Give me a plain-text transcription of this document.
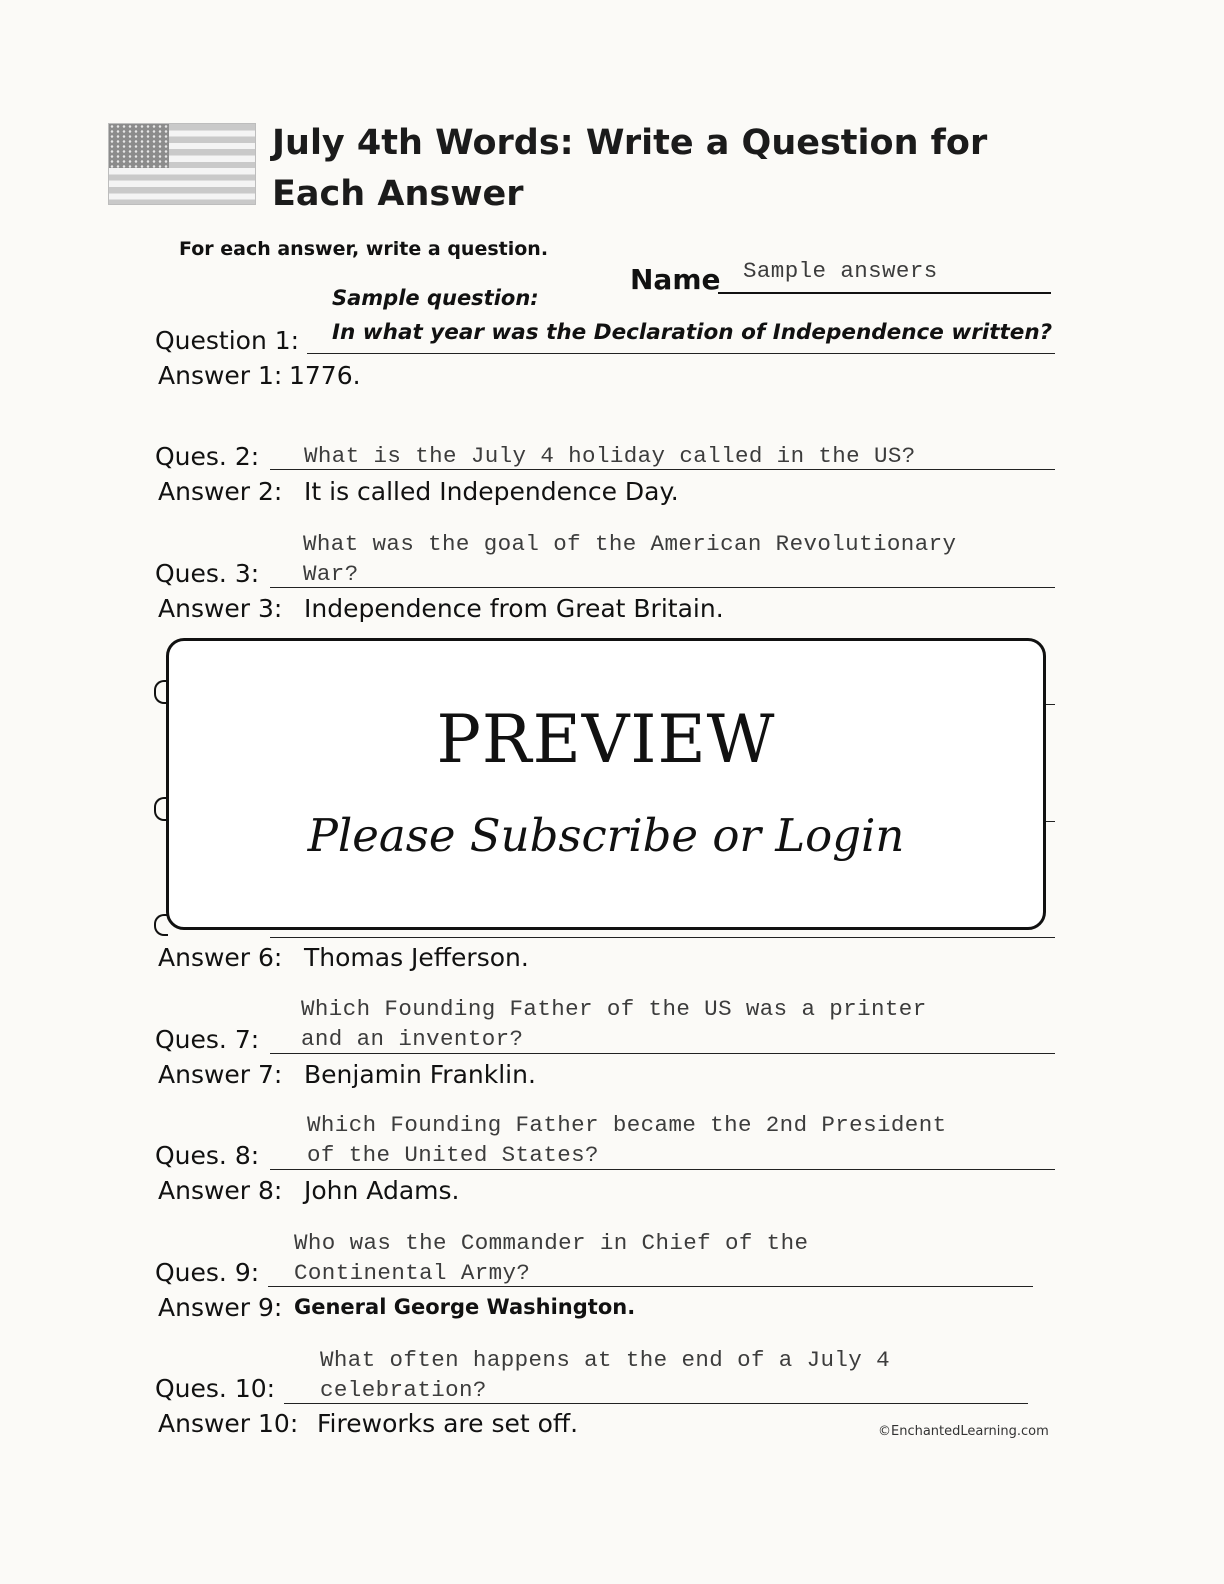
July 4th Words: Write a Question for Each Answer
For each answer, write a question.
Name Sample answers
Sample question:
Question 1: In what year was the Declaration of Independence written?
Answer 1: 1776.
Ques. 2: What is the July 4 holiday called in the US?
Answer 2: It is called Independence Day.
Ques. 3:
What was the goal of the American Revolutionary
War?
Answer 3: Independence from Great Britain.
Answer 6: Thomas Jefferson.
Ques. 7:
Which Founding Father of the US was a printer
and an inventor?
Answer 7: Benjamin Franklin.
Ques. 8:
Which Founding Father became the 2nd President
of the United States?
Answer 8: John Adams.
Ques. 9:
Who was the Commander in Chief of the
Continental Army?
Answer 9: General George Washington.
Ques. 10:
What often happens at the end of a July 4
celebration?
Answer 10: Fireworks are set off.
PREVIEW
Please Subscribe or Login
©EnchantedLearning.com
